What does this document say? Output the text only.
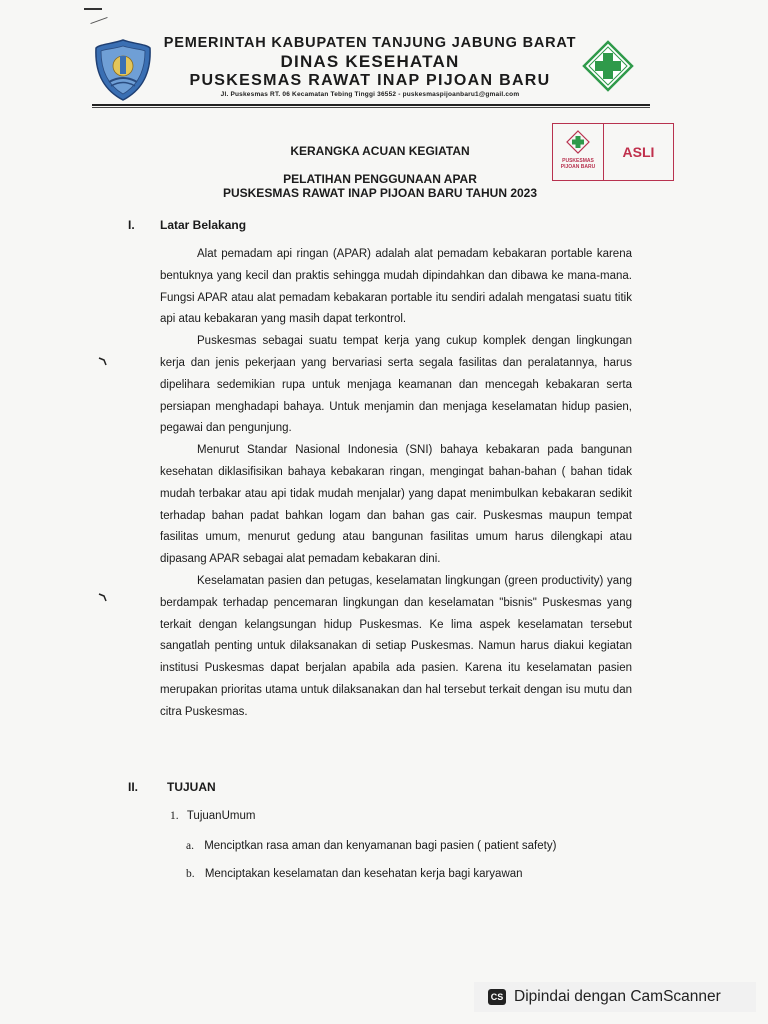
PEMERINTAH KABUPATEN TANJUNG JABUNG BARAT
DINAS KESEHATAN
PUSKESMAS RAWAT INAP PIJOAN BARU
Jl. Puskesmas RT. 06 Kecamatan Tebing Tinggi 36552 - puskesmaspijoanbaru1@gmail.com
PUSKESMAS
PIJOAN BARU
ASLI
KERANGKA ACUAN KEGIATAN
PELATIHAN PENGGUNAAN APAR
PUSKESMAS RAWAT INAP PIJOAN BARU TAHUN 2023
I. Latar Belakang

Alat pemadam api ringan (APAR) adalah alat pemadam kebakaran portable karena bentuknya yang kecil dan praktis sehingga mudah dipindahkan dan dibawa ke mana-mana. Fungsi APAR atau alat pemadam kebakaran portable itu sendiri adalah mengatasi suatu titik api atau kebakaran yang masih dapat terkontrol.

Puskesmas sebagai suatu tempat kerja yang cukup komplek dengan lingkungan kerja dan jenis pekerjaan yang bervariasi serta segala fasilitas dan peralatannya, harus dipelihara sedemikian rupa untuk menjaga keamanan dan mencegah kebakaran serta persiapan menghadapi bahaya. Untuk menjamin dan menjaga keselamatan hidup pasien, pegawai dan pengunjung.

Menurut Standar Nasional Indonesia (SNI) bahaya kebakaran pada bangunan kesehatan diklasifisikan bahaya kebakaran ringan, mengingat bahan-bahan ( bahan tidak mudah terbakar atau api tidak mudah menjalar) yang dapat menimbulkan kebakaran sedikit terhadap bahan padat bahkan logam dan bahan gas cair. Puskesmas maupun tempat fasilitas umum, menurut gedung atau bangunan fasilitas umum harus dilengkapi atau dipasang APAR sebagai alat pemadam kebakaran dini.

Keselamatan pasien dan petugas, keselamatan lingkungan (green productivity) yang berdampak terhadap pencemaran lingkungan dan keselamatan "bisnis" Puskesmas yang terkait dengan kelangsungan hidup Puskesmas. Ke lima aspek keselamatan tersebut sangatlah penting untuk dilaksanakan di setiap Puskesmas. Namun harus diakui kegiatan institusi Puskesmas dapat berjalan apabila ada pasien. Karena itu keselamatan pasien merupakan prioritas utama untuk dilaksanakan dan hal tersebut terkait dengan isu mutu dan citra Puskesmas.

II. TUJUAN
1. TujuanUmum
a. Menciptkan rasa aman dan kenyamanan bagi pasien ( patient safety)
b. Menciptakan keselamatan dan kesehatan kerja bagi karyawan
CS Dipindai dengan CamScanner
